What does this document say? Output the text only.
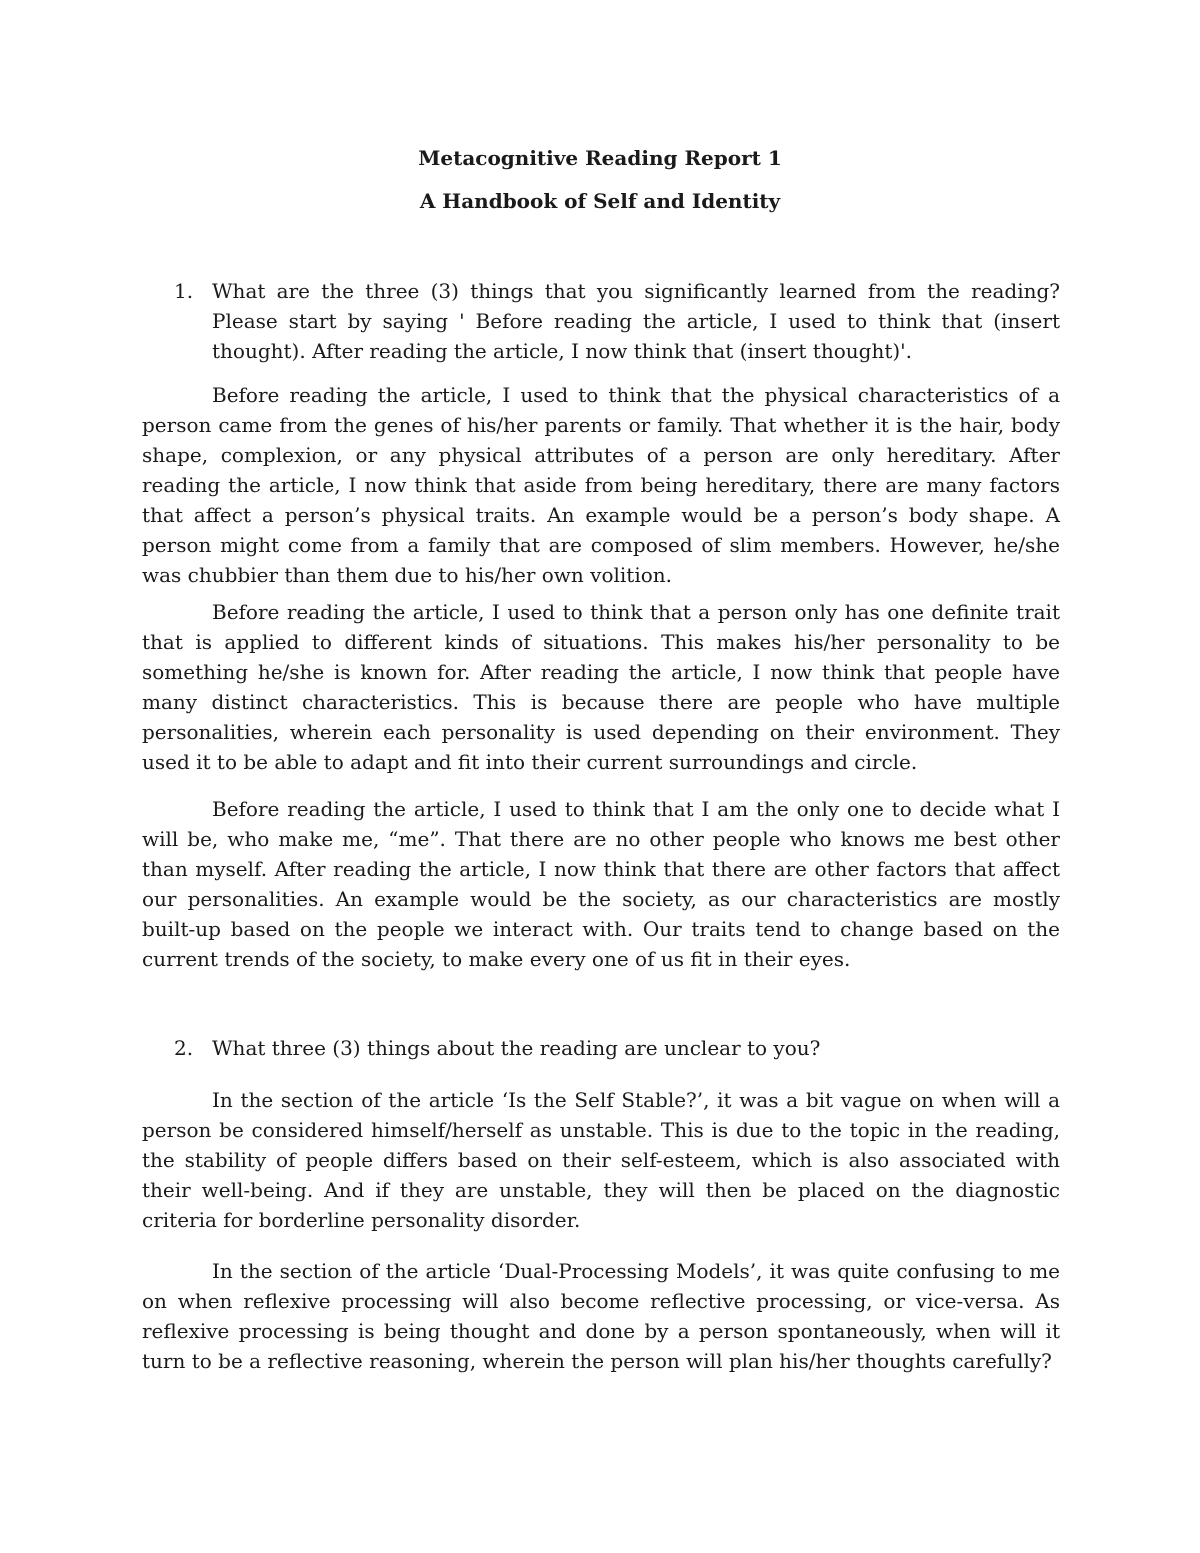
Metacognitive Reading Report 1
A Handbook of Self and Identity
1. What are the three (3) things that you significantly learned from the reading? Please start by saying ' Before reading the article, I used to think that (insert thought). After reading the article, I now think that (insert thought)'.

Before reading the article, I used to think that the physical characteristics of a person came from the genes of his/her parents or family. That whether it is the hair, body shape, complexion, or any physical attributes of a person are only hereditary. After reading the article, I now think that aside from being hereditary, there are many factors that affect a person’s physical traits. An example would be a person’s body shape. A person might come from a family that are composed of slim members. However, he/she was chubbier than them due to his/her own volition.

Before reading the article, I used to think that a person only has one definite trait that is applied to different kinds of situations. This makes his/her personality to be something he/she is known for. After reading the article, I now think that people have many distinct characteristics. This is because there are people who have multiple personalities, wherein each personality is used depending on their environment. They used it to be able to adapt and fit into their current surroundings and circle.

Before reading the article, I used to think that I am the only one to decide what I will be, who make me, “me”. That there are no other people who knows me best other than myself. After reading the article, I now think that there are other factors that affect our personalities. An example would be the society, as our characteristics are mostly built-up based on the people we interact with. Our traits tend to change based on the current trends of the society, to make every one of us fit in their eyes.

2. What three (3) things about the reading are unclear to you?

In the section of the article ‘Is the Self Stable?’, it was a bit vague on when will a person be considered himself/herself as unstable. This is due to the topic in the reading, the stability of people differs based on their self-esteem, which is also associated with their well-being. And if they are unstable, they will then be placed on the diagnostic criteria for borderline personality disorder.

In the section of the article ‘Dual-Processing Models’, it was quite confusing to me on when reflexive processing will also become reflective processing, or vice-versa. As reflexive processing is being thought and done by a person spontaneously, when will it turn to be a reflective reasoning, wherein the person will plan his/her thoughts carefully?
